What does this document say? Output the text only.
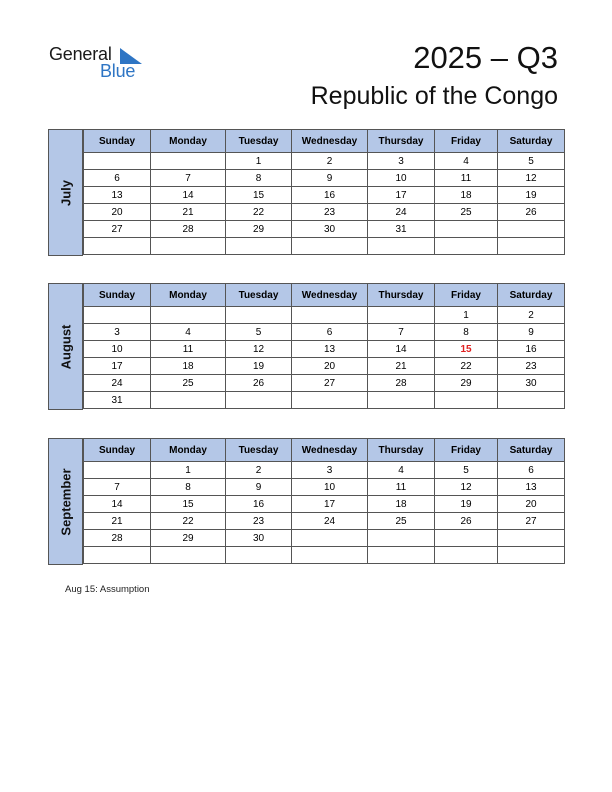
General
Blue	2025 – Q3
Republic of the Congo
July
Sunday	Monday	Tuesday	Wednesday	Thursday	Friday	Saturday
		1	2	3	4	5
6	7	8	9	10	11	12
13	14	15	16	17	18	19
20	21	22	23	24	25	26
27	28	29	30	31		

August
Sunday	Monday	Tuesday	Wednesday	Thursday	Friday	Saturday
					1	2
3	4	5	6	7	8	9
10	11	12	13	14	15	16
17	18	19	20	21	22	23
24	25	26	27	28	29	30
31						
September
Sunday	Monday	Tuesday	Wednesday	Thursday	Friday	Saturday
	1	2	3	4	5	6
7	8	9	10	11	12	13
14	15	16	17	18	19	20
21	22	23	24	25	26	27
28	29	30				

Aug 15: Assumption
